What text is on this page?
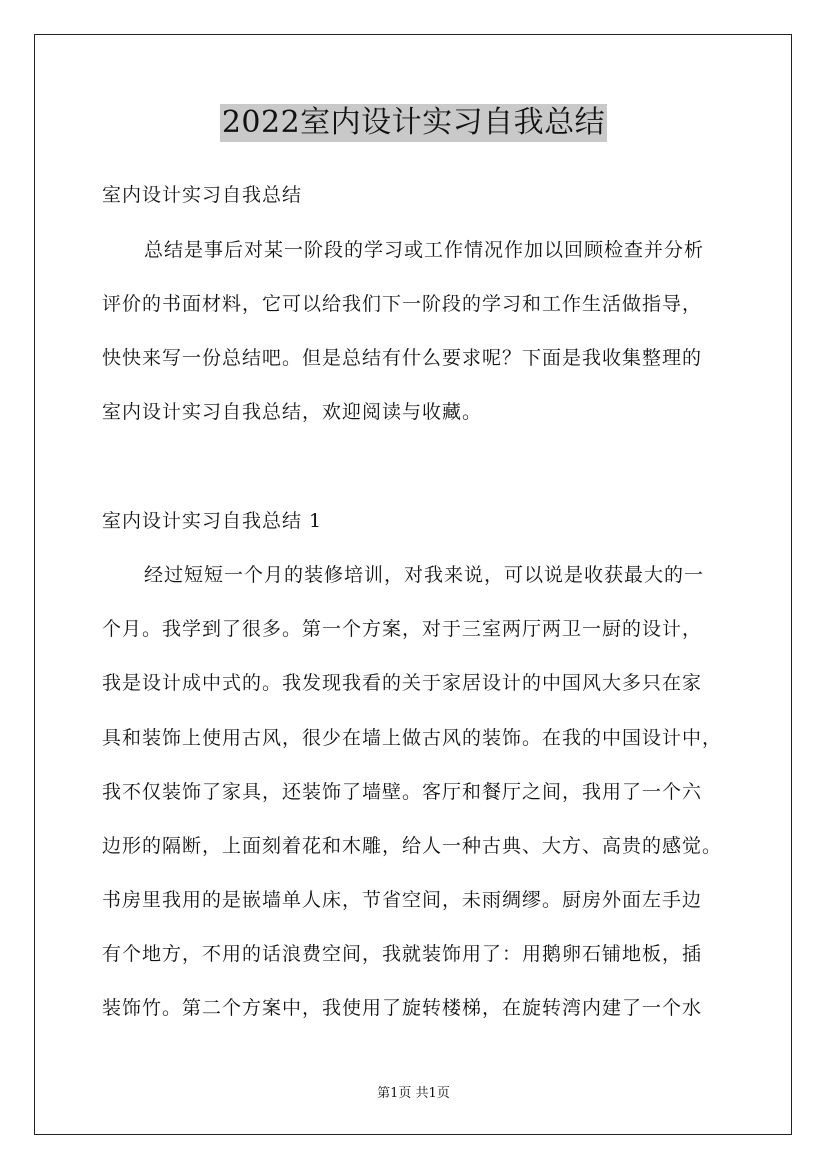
2022室内设计实习自我总结
室内设计实习自我总结
总结是事后对某一阶段的学习或工作情况作加以回顾检查并分析
评价的书面材料，它可以给我们下一阶段的学习和工作生活做指导，
快快来写一份总结吧。但是总结有什么要求呢？下面是我收集整理的
室内设计实习自我总结，欢迎阅读与收藏。
室内设计实习自我总结 1
经过短短一个月的装修培训，对我来说，可以说是收获最大的一
个月。我学到了很多。第一个方案，对于三室两厅两卫一厨的设计，
我是设计成中式的。我发现我看的关于家居设计的中国风大多只在家
具和装饰上使用古风，很少在墙上做古风的装饰。在我的中国设计中，
我不仅装饰了家具，还装饰了墙壁。客厅和餐厅之间，我用了一个六
边形的隔断，上面刻着花和木雕，给人一种古典、大方、高贵的感觉。
书房里我用的是嵌墙单人床，节省空间，未雨绸缪。厨房外面左手边
有个地方，不用的话浪费空间，我就装饰用了：用鹅卵石铺地板，插
装饰竹。第二个方案中，我使用了旋转楼梯，在旋转湾内建了一个水
第1页 共1页
